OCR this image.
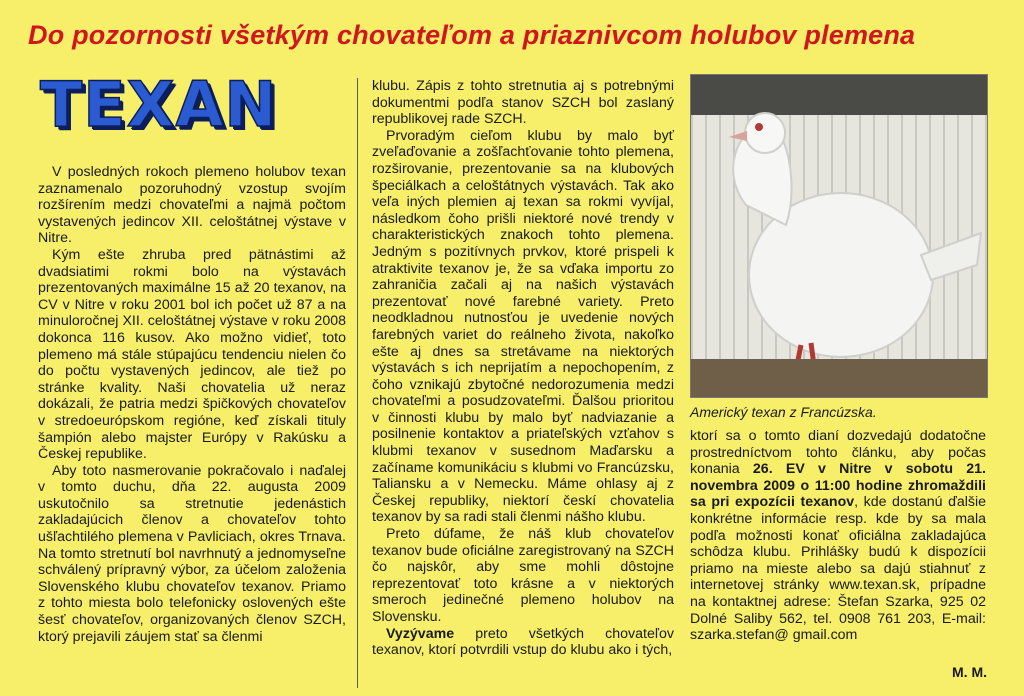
Do pozornosti všetkým chovateľom a priaznivcom holubov plemena
TEXAN

V posledných rokoch plemeno holubov texan zaznamenalo pozoruhodný vzostup svojím rozšírením medzi chovateľmi a najmä počtom vystavených jedincov XII. celoštátnej výstave v Nitre.

Kým ešte zhruba pred pätnástimi až dvadsiatimi rokmi bolo na výstavách prezentovaných maximálne 15 až 20 texanov, na CV v Nitre v roku 2001 bol ich počet už 87 a na minuloročnej XII. celoštátnej výstave v roku 2008 dokonca 116 kusov. Ako možno vidieť, toto plemeno má stále stúpajúcu tendenciu nielen čo do počtu vystavených jedincov, ale tiež po stránke kvality. Naši chovatelia už neraz dokázali, že patria medzi špičkových chovateľov v stredoeurópskom regióne, keď získali tituly šampión alebo majster Európy v Rakúsku a Českej republike.

Aby toto nasmerovanie pokračovalo i naďalej v tomto duchu, dňa 22. augusta 2009 uskutočnilo sa stretnutie jedenástich zakladajúcich členov a chovateľov tohto ušľachtilého plemena v Pavliciach, okres Trnava. Na tomto stretnutí bol navrhnutý a jednomyseľne schválený prípravný výbor, za účelom založenia Slovenského klubu chovateľov texanov. Priamo z tohto miesta bolo telefonicky oslovených ešte šesť chovateľov, organizovaných členov SZCH, ktorý prejavili záujem stať sa členmi

klubu. Zápis z tohto stretnutia aj s potrebnými dokumentmi podľa stanov SZCH bol zaslaný republikovej rade SZCH.

Prvoradým cieľom klubu by malo byť zveľaďovanie a zošľachťovanie tohto plemena, rozširovanie, prezentovanie sa na klubových špeciálkach a celoštátnych výstavách. Tak ako veľa iných plemien aj texan sa rokmi vyvíjal, následkom čoho prišli niektoré nové trendy v charakteristických znakoch tohto plemena. Jedným s pozitívnych prvkov, ktoré prispeli k atraktivite texanov je, že sa vďaka importu zo zahraničia začali aj na našich výstavách prezentovať nové farebné variety. Preto neodkladnou nutnosťou je uvedenie nových farebných variet do reálneho života, nakoľko ešte aj dnes sa stretávame na niektorých výstavách s ich neprijatím a nepochopením, z čoho vznikajú zbytočné nedorozumenia medzi chovateľmi a posudzovateľmi. Ďalšou prioritou v činnosti klubu by malo byť nadviazanie a posilnenie kontaktov a priateľských vzťahov s klubmi texanov v susednom Maďarsku a začíname komunikáciu s klubmi vo Francúzsku, Taliansku a v Nemecku. Máme ohlasy aj z Českej republiky, niektorí českí chovatelia texanov by sa radi stali členmi nášho klubu.

Preto dúfame, že náš klub chovateľov texanov bude oficiálne zaregistrovaný na SZCH čo najskôr, aby sme mohli dôstojne reprezentovať toto krásne a v niektorých smeroch jedinečné plemeno holubov na Slovensku.

Vyzývame preto všetkých chovateľov texanov, ktorí potvrdili vstup do klubu ako i tých,

Americký texan z Francúzska.

ktorí sa o tomto dianí dozvedajú dodatočne prostredníctvom tohto článku, aby počas konania 26. EV v Nitre v sobotu 21. novembra 2009 o 11:00 hodine zhromaždili sa pri expozícii texanov, kde dostanú ďalšie konkrétne informácie resp. kde by sa mala podľa možnosti konať oficiálna zakladajúca schôdza klubu. Prihlášky budú k dispozícii priamo na mieste alebo sa dajú stiahnuť z internetovej stránky www.texan.sk, prípadne na kontaktnej adrese: Štefan Szarka, 925 02 Dolné Saliby 562, tel. 0908 761 203, E-mail: szarka.stefan@ gmail.com

M. M.
